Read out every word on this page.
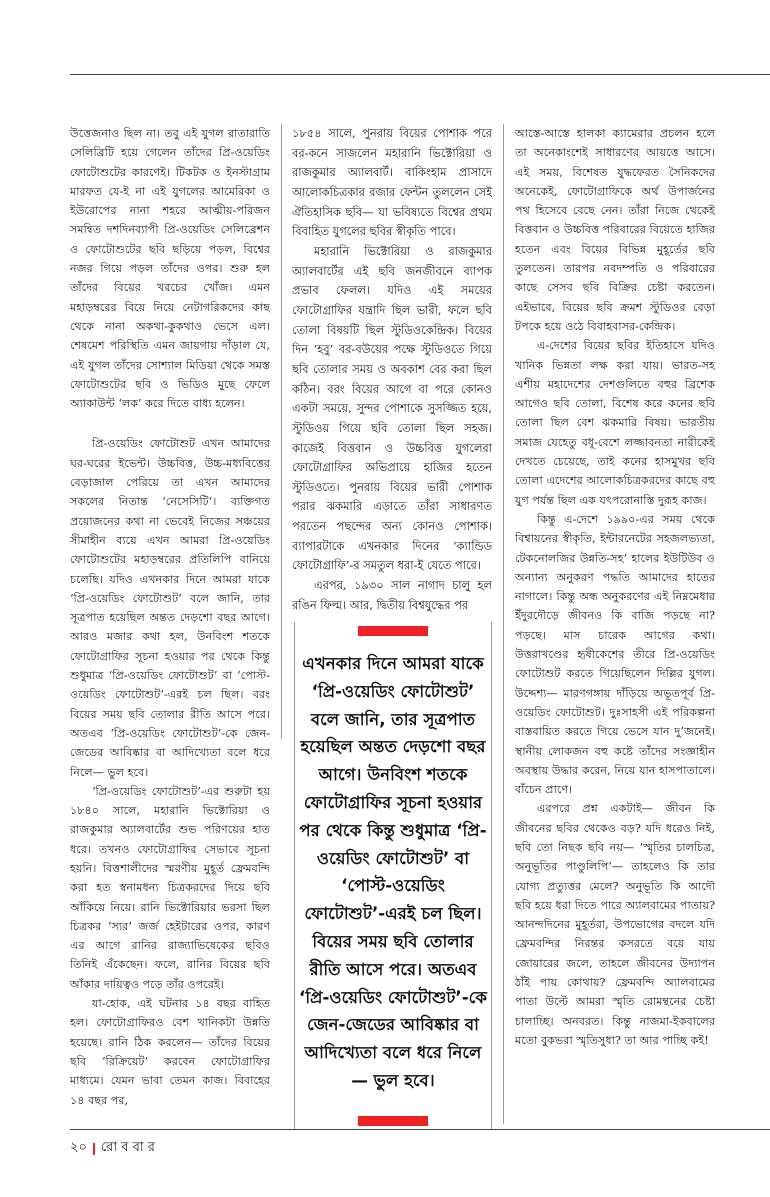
উত্তেজনাও ছিল না। তবু এই যুগল রাতারাতি সেলিব্রিটি হয়ে গেলেন তাঁদের প্রি-ওয়েডিং ফোটোশুটের কারণেই। টিকটক ও ইনস্টাগ্রাম মারফত যে-ই না এই যুগলের আমেরিকা ও ইউরোপের নানা শহরে আত্মীয়-পরিজন সমন্বিত দশদিনব্যাপী প্রি-ওয়েডিং সেলিব্রেশন ও ফোটোশুটের ছবি ছড়িয়ে পড়ল, বিশ্বের নজর গিয়ে পড়ল তাঁদের ওপর। শুরু হল তাঁদের বিয়ের খরচের খোঁজ। এমন মহাড়ম্বরের বিয়ে নিয়ে নেটাগরিকদের কাছ থেকে নানা অকথা-কুকথাও ভেসে এল। শেষমেশ পরিস্থিতি এমন জায়গায় দাঁড়াল যে, এই যুগল তাঁদের সোশ্যাল মিডিয়া থেকে সমস্ত ফোটোশুটের ছবি ও ভিডিও মুছে ফেলে অ্যাকাউন্ট ‘লক’ করে দিতে বাধ্য হলেন।

প্রি-ওয়েডিং ফোটোশুট এখন আমাদের ঘর-ঘরের ইভেন্ট। উচ্চবিত্ত, উচ্চ-মধ্যবিত্তের বেড়াজাল পেরিয়ে তা এখন আমাদের সকলের নিতান্ত ‘নেসেসিটি’। ব্যক্তিগত প্রয়োজনের কথা না ভেবেই নিজের সঞ্চয়ের সীমাহীন ব্যয়ে এখন আমরা প্রি-ওয়েডিং ফোটোশুটের মহাড়ম্বরের প্রতিলিপি বানিয়ে চলেছি। যদিও এখনকার দিনে আমরা যাকে ‘প্রি-ওয়েডিং ফোটোশুট’ বলে জানি, তার সূত্রপাত হয়েছিল অন্তত দেড়শো বছর আগে। আরও মজার কথা হল, উনবিংশ শতকে ফোটোগ্রাফির সূচনা হওয়ার পর থেকে কিন্তু শুধুমাত্র ‘প্রি-ওয়েডিং ফোটোশুট’ বা ‘পোস্ট-ওয়েডিং ফোটোশুট’-এরই চল ছিল। বরং বিয়ের সময় ছবি তোলার রীতি আসে পরে। অতএব ‘প্রি-ওয়েডিং ফোটোশুট’-কে জেন-জেডের আবিষ্কার বা আদিখ্যেতা বলে ধরে নিলে— ভুল হবে।

‘প্রি-ওয়েডিং ফোটোশুট’-এর শুরুটা হয় ১৮৪০ সালে, মহারানি ভিক্টোরিয়া ও রাজকুমার অ্যালবার্টের শুভ পরিণয়ের হাত ধরে। তখনও ফোটোগ্রাফির সেভাবে সূচনা হয়নি। বিত্তশালীদের স্মরণীয় মুহূর্ত ফ্রেমবন্দি করা হত স্বনামধন্য চিত্রকরদের দিয়ে ছবি আঁকিয়ে নিয়ে। রানি ভিক্টোরিয়ার ভরসা ছিল চিত্রকর ‘স্যর’ জর্জ হেইটারের ওপর, কারণ এর আগে রানির রাজ্যাভিষেকের ছবিও তিনিই এঁকেছেন। ফলে, রানির বিয়ের ছবি আঁকার দায়িত্বও পড়ে তাঁর ওপরেই।

যা-হোক, এই ঘটনার ১৪ বছর বাহিত হল। ফোটোগ্রাফিরও বেশ খানিকটা উন্নতি হয়েছে। রানি ঠিক করলেন— তাঁদের বিয়ের ছবি ‘রিক্রিয়েট’ করবেন ফোটোগ্রাফির মাধ্যমে। যেমন ভাবা তেমন কাজ। বিবাহের ১৪ বছর পর,

১৮৫৪ সালে, পুনরায় বিয়ের পোশাক পরে বর-কনে সাজলেন মহারানি ভিক্টোরিয়া ও রাজকুমার অ্যালবার্ট। বাকিংহাম প্রাসাদে আলোকচিত্রকার রজার ফেন্টন তুললেন সেই ঐতিহাসিক ছবি— যা ভবিষ্যতে বিশ্বের প্রথম বিবাহিত যুগলের ছবির স্বীকৃতি পাবে।

মহারানি ভিক্টোরিয়া ও রাজকুমার অ্যালবার্টের এই ছবি জনজীবনে ব্যাপক প্রভাব ফেলল। যদিও এই সময়ের ফোটোগ্রাফির যন্ত্রাদি ছিল ভারী, ফলে ছবি তোলা বিষয়টি ছিল স্টুডিওকেন্দ্রিক। বিয়ের দিন ‘হবু’ বর-বউয়ের পক্ষে স্টুডিওতে গিয়ে ছবি তোলার সময় ও অবকাশ বের করা ছিল কঠিন। বরং বিয়ের আগে বা পরে কোনও একটা সময়ে, সুন্দর পোশাকে সুসজ্জিত হয়ে, স্টুডিওয় গিয়ে ছবি তোলা ছিল সহজ। কাজেই বিত্তবান ও উচ্চবিত্ত যুগলেরা ফোটোগ্রাফির অভিপ্রায়ে হাজির হতেন স্টুডিওতে। পুনরায় বিয়ের ভারী পোশাক পরার ঝকমারি এড়াতে তাঁরা সাধারণত পরতেন পছন্দের অন্য কোনও পোশাক। ব্যাপারটাকে এখনকার দিনের ‘ক্যান্ডিড ফোটোগ্রাফি’-র সমতুল ধরা-ই যেতে পারে।

এরপর, ১৯৩০ সাল নাগাদ চালু হল রঙিন ফিল্ম। আর, দ্বিতীয় বিশ্বযুদ্ধের পর

আস্তে-আস্তে হালকা ক্যামেরার প্রচলন হলে তা অনেকাংশেই সাধারণের আয়ত্তে আসে। এই সময়, বিশেষত যুদ্ধফেরত সৈনিকদের অনেকেই, ফোটোগ্রাফিকে অর্থ উপার্জনের পথ হিসেবে বেছে নেন। তাঁরা নিজে থেকেই বিত্তবান ও উচ্চবিত্ত পরিবারের বিয়েতে হাজির হতেন এবং বিয়ের বিভিন্ন মুহূর্তের ছবি তুলতেন। তারপর নবদম্পতি ও পরিবারের কাছে সেসব ছবি বিক্রির চেষ্টা করতেন। এইভাবে, বিয়ের ছবি ক্রমশ স্টুডিওর বেড়া টপকে হয়ে ওঠে বিবাহবাসর-কেন্দ্রিক।

এ-দেশের বিয়ের ছবির ইতিহাসে যদিও খানিক ভিন্নতা লক্ষ করা যায়। ভারত-সহ এশীয় মহাদেশের দেশগুলিতে বহুর ব্রিশেক আগেও ছবি তোলা, বিশেষ করে কনের ছবি তোলা ছিল বেশ ঝকমারি বিষয়। ভারতীয় সমাজ যেহেতু বধূ-বেশে লজ্জাবনতা নারীকেই দেখতে চেয়েছে, তাই কনের হাসমুখর ছবি তোলা এদেশের আলোকচিত্রকরদের কাছে বহু যুগ পর্যন্ত ছিল এক যৎপরোনাস্তি দুরূহ কাজ।

কিন্তু এ-দেশে ১৯৯০-এর সময় থেকে বিশ্বায়নের স্বীকৃতি, ইন্টারনেটের সহজলভ্যতা, টেকনোলজির উন্নতি-সহ’ হালের ইউটিউব ও অন্যান্য অনুকরণ পদ্ধতি আমাদের হাতের নাগালে। কিন্তু অন্ধ অনুকরণের এই নিম্নমেধার ইঁদুরদৌড়ে জীবনও কি বাজি পড়ছে না? পড়ছে। মাস চারেক আগের কথা। উত্তরাখণ্ডের হৃষীকেশের তীরে প্রি-ওয়েডিং ফোটোশুট করতে গিয়েছিলেন দিল্লির যুগল। উদ্দেশ্য— মারণগঙ্গায় দাঁড়িয়ে অভূতপূর্ব প্রি-ওয়েডিং ফোটোশুট। দুঃসাহসী এই পরিকল্পনা বাস্তবায়িত করতে গিয়ে ভেসে যান দু’জনেই। স্থানীয় লোকজন বহু কষ্টে তাঁদের সংজ্ঞাহীন অবস্থায় উদ্ধার করেন, নিয়ে যান হাসপাতালে। বাঁচেন প্রাণে।

এরপরে প্রশ্ন একটাই— জীবন কি জীবনের ছবির থেকেও বড়? যদি ধরেও নিই, ছবি তো নিছক ছবি নয়— ‘স্মৃতির চালচিত্র, অনুভূতির পাণ্ডুলিপি’— তাহলেও কি তার যোগ্য প্রত্যুত্তর মেলে? অনুভূতি কি আদৌ ছবি হয়ে ধরা দিতে পারে অ্যালবামের পাতায়? আনন্দদিনের মুহূর্তরা, উপভোগের বদলে যদি ফ্রেমবন্দির নিরন্তর কসরতে বয়ে যায় জোয়ারের জলে, তাহলে জীবনের উদ্যাপন ঠাঁই পায় কোথায়? ফ্রেমবন্দি অ্যালবামের পাতা উল্টে আমরা স্মৃতি রোমন্থনের চেষ্টা চালাচ্ছি। অনবরত। কিন্তু নাজমা-ইকবালের মতো বুকভরা স্মৃতিসুধা? তা আর পাচ্ছি কই!

এখনকার দিনে আমরা যাকে ‘প্রি-ওয়েডিং ফোটোশুট’ বলে জানি, তার সূত্রপাত হয়েছিল অন্তত দেড়শো বছর আগে। উনবিংশ শতকে ফোটোগ্রাফির সূচনা হওয়ার পর থেকে কিন্তু শুধুমাত্র ‘প্রি-ওয়েডিং ফোটোশুট’ বা ‘পোস্ট-ওয়েডিং ফোটোশুট’-এরই চল ছিল। বিয়ের সময় ছবি তোলার রীতি আসে পরে। অতএব ‘প্রি-ওয়েডিং ফোটোশুট’-কে জেন-জেডের আবিষ্কার বা আদিখ্যেতা বলে ধরে নিলে— ভুল হবে।

২০ রো ব বা র
